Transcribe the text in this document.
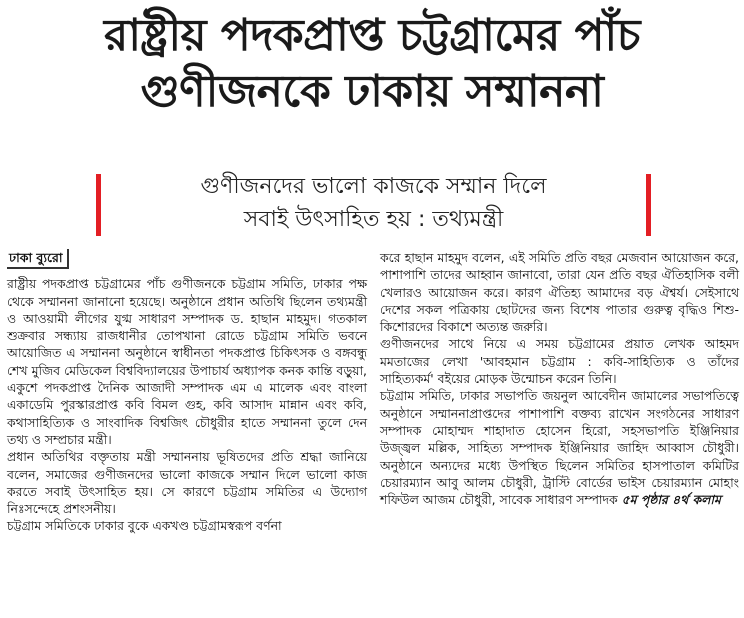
রাষ্ট্রীয় পদকপ্রাপ্ত চট্টগ্রামের পাঁচ
গুণীজনকে ঢাকায় সম্মাননা
গুণীজনদের ভালো কাজকে সম্মান দিলে
সবাই উৎসাহিত হয় : তথ্যমন্ত্রী
ঢাকা ব্যুরো

রাষ্ট্রীয় পদকপ্রাপ্ত চট্টগ্রামের পাঁচ গুণীজনকে চট্টগ্রাম সমিতি, ঢাকার পক্ষ থেকে সম্মাননা জানানো হয়েছে। অনুষ্ঠানে প্রধান অতিথি ছিলেন তথ্যমন্ত্রী ও আওয়ামী লীগের যুগ্ম সাধারণ সম্পাদক ড. হাছান মাহমুদ। গতকাল শুক্রবার সন্ধ্যায় রাজধানীর তোপখানা রোডে চট্টগ্রাম সমিতি ভবনে আয়োজিত এ সম্মাননা অনুষ্ঠানে স্বাধীনতা পদকপ্রাপ্ত চিকিৎসক ও বঙ্গবন্ধু শেখ মুজিব মেডিকেল বিশ্ববিদ্যালয়ের উপাচার্য অধ্যাপক কনক কান্তি বড়ুয়া, একুশে পদকপ্রাপ্ত দৈনিক আজাদী সম্পাদক এম এ মালেক এবং বাংলা একাডেমি পুরস্কারপ্রাপ্ত কবি বিমল গুহ, কবি আসাদ মান্নান এবং কবি, কথাসাহিত্যিক ও সাংবাদিক বিশ্বজিৎ চৌধুরীর হাতে সম্মাননা তুলে দেন তথ্য ও সম্প্রচার মন্ত্রী।

প্রধান অতিথির বক্তৃতায় মন্ত্রী সম্মাননায় ভূষিতদের প্রতি শ্রদ্ধা জানিয়ে বলেন, সমাজের গুণীজনদের ভালো কাজকে সম্মান দিলে ভালো কাজ করতে সবাই উৎসাহিত হয়। সে কারণে চট্টগ্রাম সমিতির এ উদ্যোগ নিঃসন্দেহে প্রশংসনীয়।

চট্টগ্রাম সমিতিকে ঢাকার বুকে একখণ্ড চট্টগ্রামস্বরূপ বর্ণনা

করে হাছান মাহমুদ বলেন, এই সমিতি প্রতি বছর মেজবান আয়োজন করে, পাশাপাশি তাদের আহ্বান জানাবো, তারা যেন প্রতি বছর ঐতিহাসিক বলী খেলারও আয়োজন করে। কারণ ঐতিহ্য আমাদের বড় ঐশ্বর্য। সেইসাথে দেশের সকল পত্রিকায় ছোটদের জন্য বিশেষ পাতার গুরুত্ব বৃদ্ধিও শিশু-কিশোরদের বিকাশে অত্যন্ত জরুরি।

গুণীজনদের সাথে নিয়ে এ সময় চট্টগ্রামের প্রয়াত লেখক আহমদ মমতাজের লেখা 'আবহমান চট্টগ্রাম : কবি-সাহিত্যিক ও তাঁদের সাহিত্যকর্ম' বইয়ের মোড়ক উন্মোচন করেন তিনি।

চট্টগ্রাম সমিতি, ঢাকার সভাপতি জয়নুল আবেদীন জামালের সভাপতিত্বে অনুষ্ঠানে সম্মাননাপ্রাপ্তদের পাশাপাশি বক্তব্য রাখেন সংগঠনের সাধারণ সম্পাদক মোহাম্মদ শাহাদাত হোসেন হিরো, সহসভাপতি ইঞ্জিনিয়ার উজ্জ্বল মল্লিক, সাহিত্য সম্পাদক ইঞ্জিনিয়ার জাহিদ আব্বাস চৌধুরী। অনুষ্ঠানে অন্যদের মধ্যে উপস্থিত ছিলেন সমিতির হাসপাতাল কমিটির চেয়ারম্যান আবু আলম চৌধুরী, ট্রাস্টি বোর্ডের ভাইস চেয়ারম্যান মোহাং শফিউল আজম চৌধুরী, সাবেক সাধারণ সম্পাদক ৫ম পৃষ্ঠার ৪র্থ কলাম
